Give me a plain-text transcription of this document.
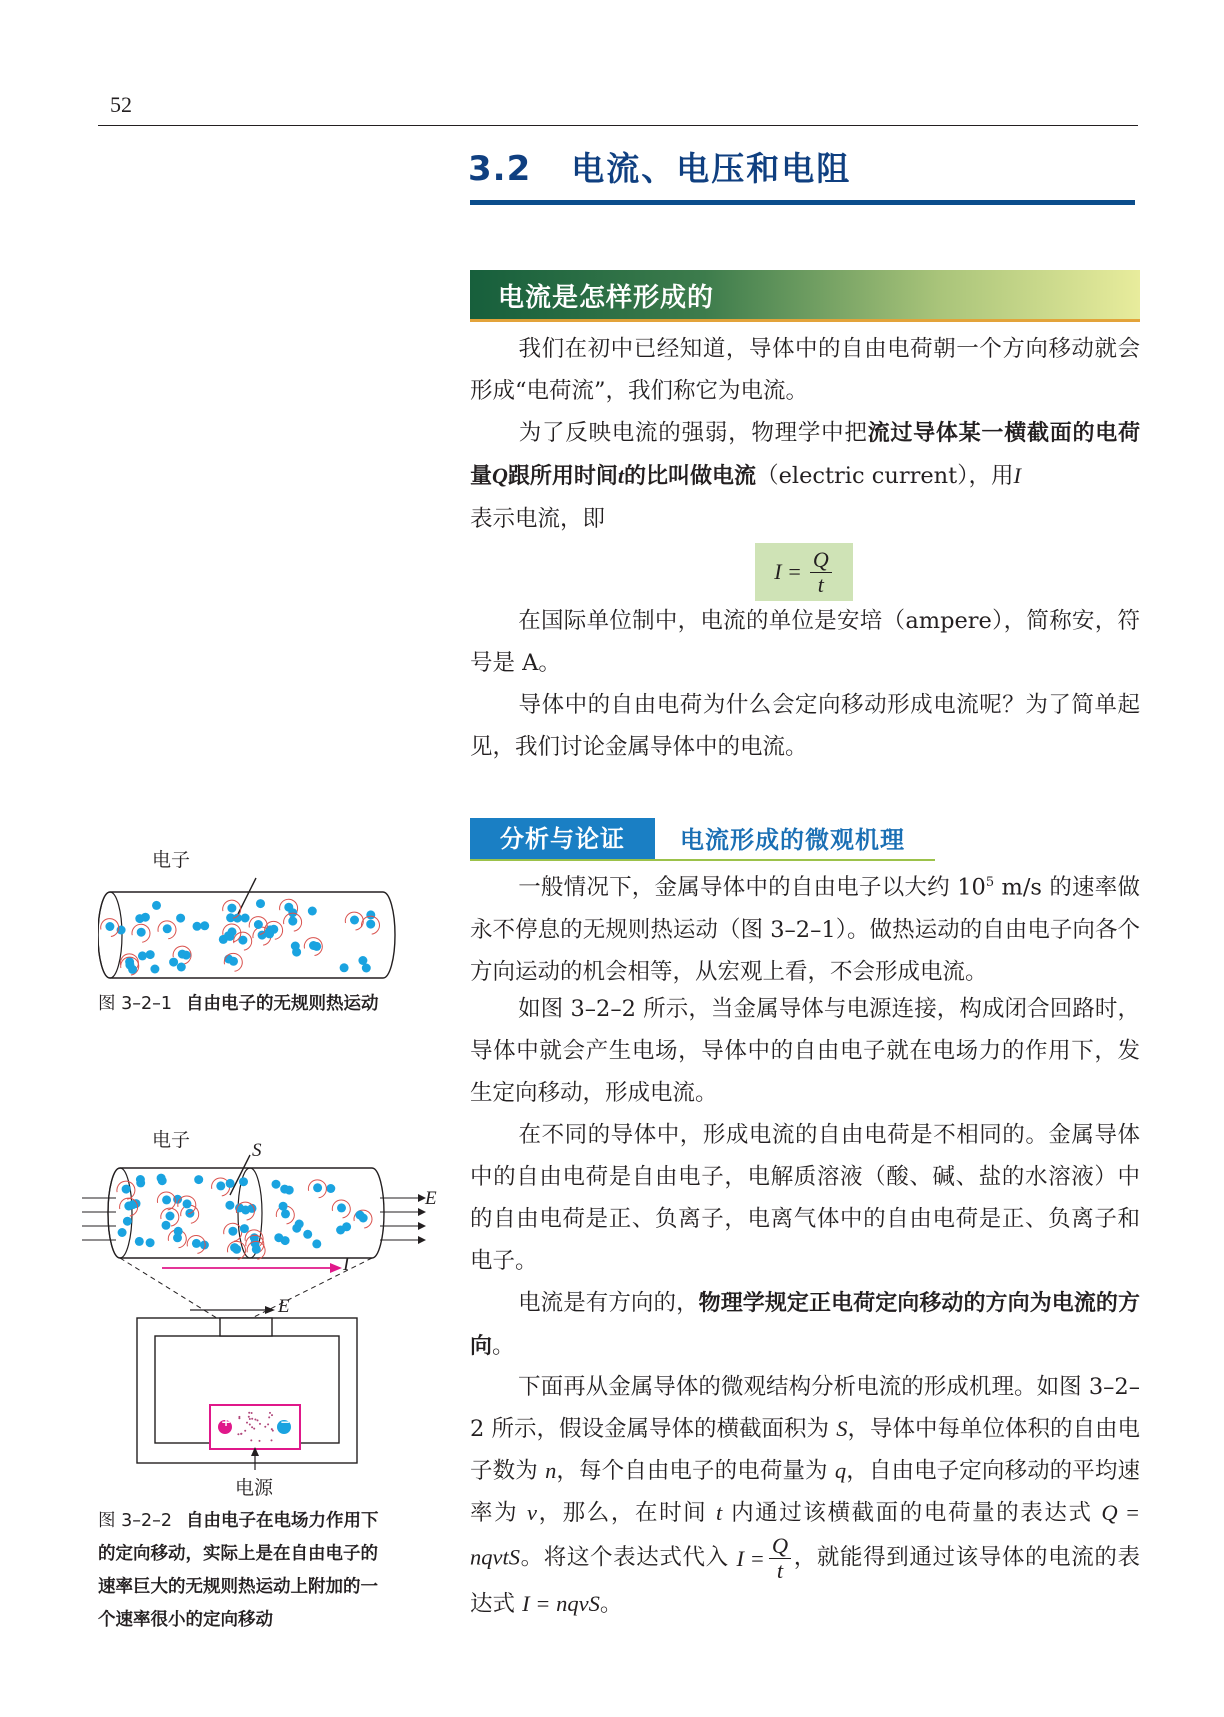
52
3.2 电流、电压和电阻
电流是怎样形成的
我们在初中已经知道，导体中的自由电荷朝一个方向移动就会形成“电荷流”，我们称它为电流。
为了反映电流的强弱，物理学中把流过导体某一横截面的电荷量Q跟所用时间t的比叫做电流（electric current），用I
表示电流，即
$I = \frac{Q}{t}$
在国际单位制中，电流的单位是安培（ampere），简称安，符号是 A。
导体中的自由电荷为什么会定向移动形成电流呢？为了简单起见，我们讨论金属导体中的电流。
分析与论证	电流形成的微观机理
一般情况下，金属导体中的自由电子以大约 $10^5$ m/s 的速率做永不停息的无规则热运动（图 3–2–1）。做热运动的自由电子向各个方向运动的机会相等，从宏观上看，不会形成电流。
如图 3–2–2 所示，当金属导体与电源连接，构成闭合回路时，导体中就会产生电场，导体中的自由电子就在电场力的作用下，发生定向移动，形成电流。
在不同的导体中，形成电流的自由电荷是不相同的。金属导体中的自由电荷是自由电子，电解质溶液（酸、碱、盐的水溶液）中的自由电荷是正、负离子，电离气体中的自由电荷是正、负离子和电子。
电流是有方向的，物理学规定正电荷定向移动的方向为电流的方向。
下面再从金属导体的微观结构分析电流的形成机理。如图 3–2–2 所示，假设金属导体的横截面积为 S，导体中每单位体积的自由电子数为 n，每个自由电子的电荷量为 q，自由电子定向移动的平均速率为 v，那么，在时间 t 内通过该横截面的电荷量的表达式 Q = nqvtS。将这个表达式代入 $I = \frac{Q}{t}$ ，就能得到通过该导体的电流的表达式 I = nqvS。
电子
图 3–2–1 自由电子的无规则热运动
电子	S
E
I
E
+	−
电源
图 3–2–2 自由电子在电场力作用下
的定向移动，实际上是在自由电子的
速率巨大的无规则热运动上附加的一
个速率很小的定向移动
